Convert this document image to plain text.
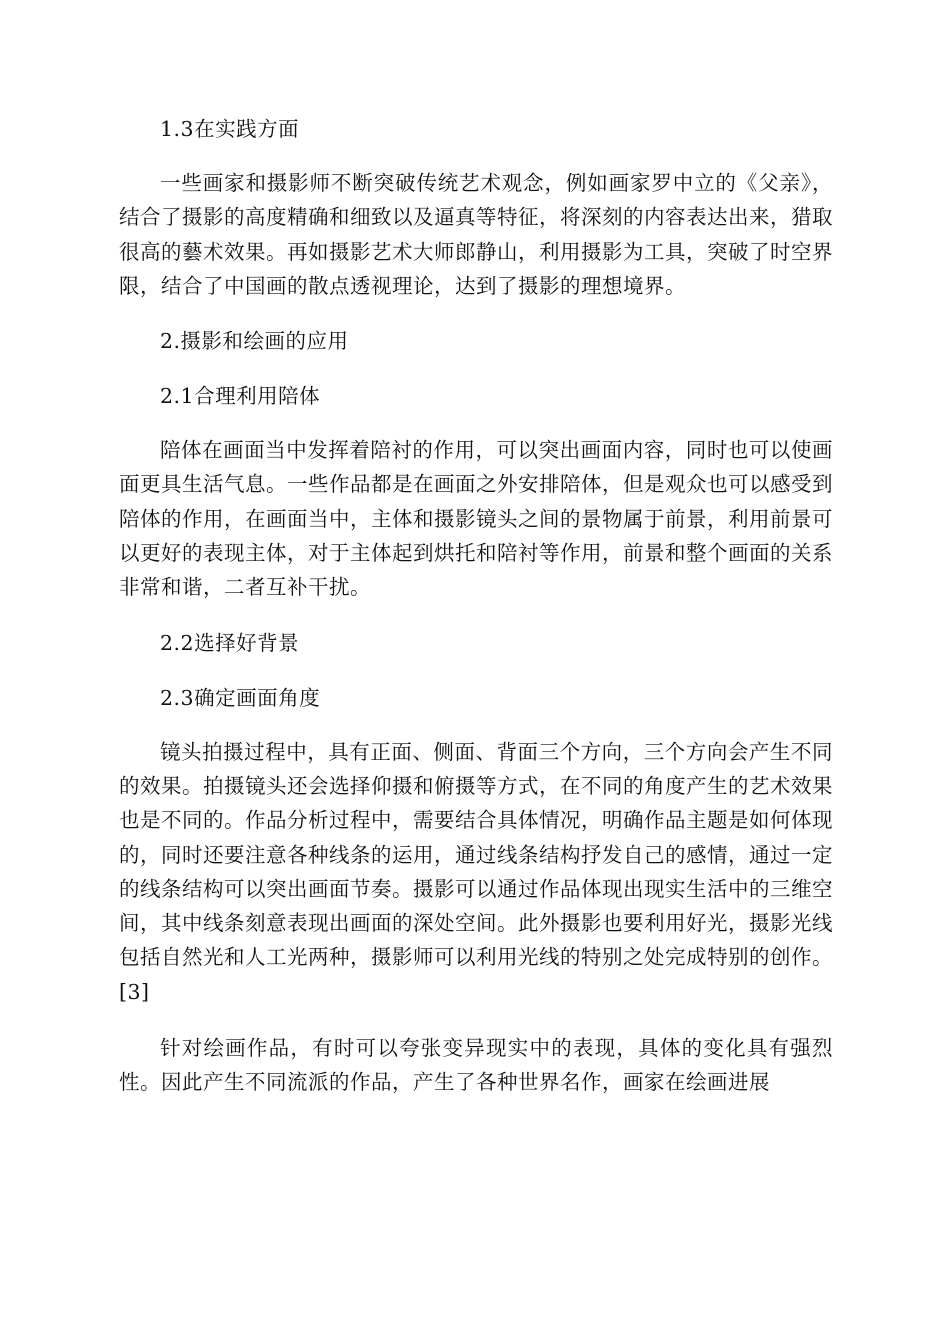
1.3在实践方面

一些画家和摄影师不断突破传统艺术观念，例如画家罗中立的《父亲》，结合了摄影的高度精确和细致以及逼真等特征，将深刻的内容表达出来，猎取很高的藝术效果。再如摄影艺术大师郎静山，利用摄影为工具，突破了时空界限，结合了中国画的散点透视理论，达到了摄影的理想境界。

2.摄影和绘画的应用

2.1合理利用陪体

陪体在画面当中发挥着陪衬的作用，可以突出画面内容，同时也可以使画面更具生活气息。一些作品都是在画面之外安排陪体，但是观众也可以感受到陪体的作用，在画面当中，主体和摄影镜头之间的景物属于前景，利用前景可以更好的表现主体，对于主体起到烘托和陪衬等作用，前景和整个画面的关系非常和谐，二者互补干扰。

2.2选择好背景

2.3确定画面角度

镜头拍摄过程中，具有正面、侧面、背面三个方向，三个方向会产生不同的效果。拍摄镜头还会选择仰摄和俯摄等方式，在不同的角度产生的艺术效果也是不同的。作品分析过程中，需要结合具体情况，明确作品主题是如何体现的，同时还要注意各种线条的运用，通过线条结构抒发自己的感情，通过一定的线条结构可以突出画面节奏。摄影可以通过作品体现出现实生活中的三维空间，其中线条刻意表现出画面的深处空间。此外摄影也要利用好光，摄影光线包括自然光和人工光两种，摄影师可以利用光线的特别之处完成特别的创作。[3]

针对绘画作品，有时可以夸张变异现实中的表现，具体的变化具有强烈性。因此产生不同流派的作品，产生了各种世界名作，画家在绘画进展
